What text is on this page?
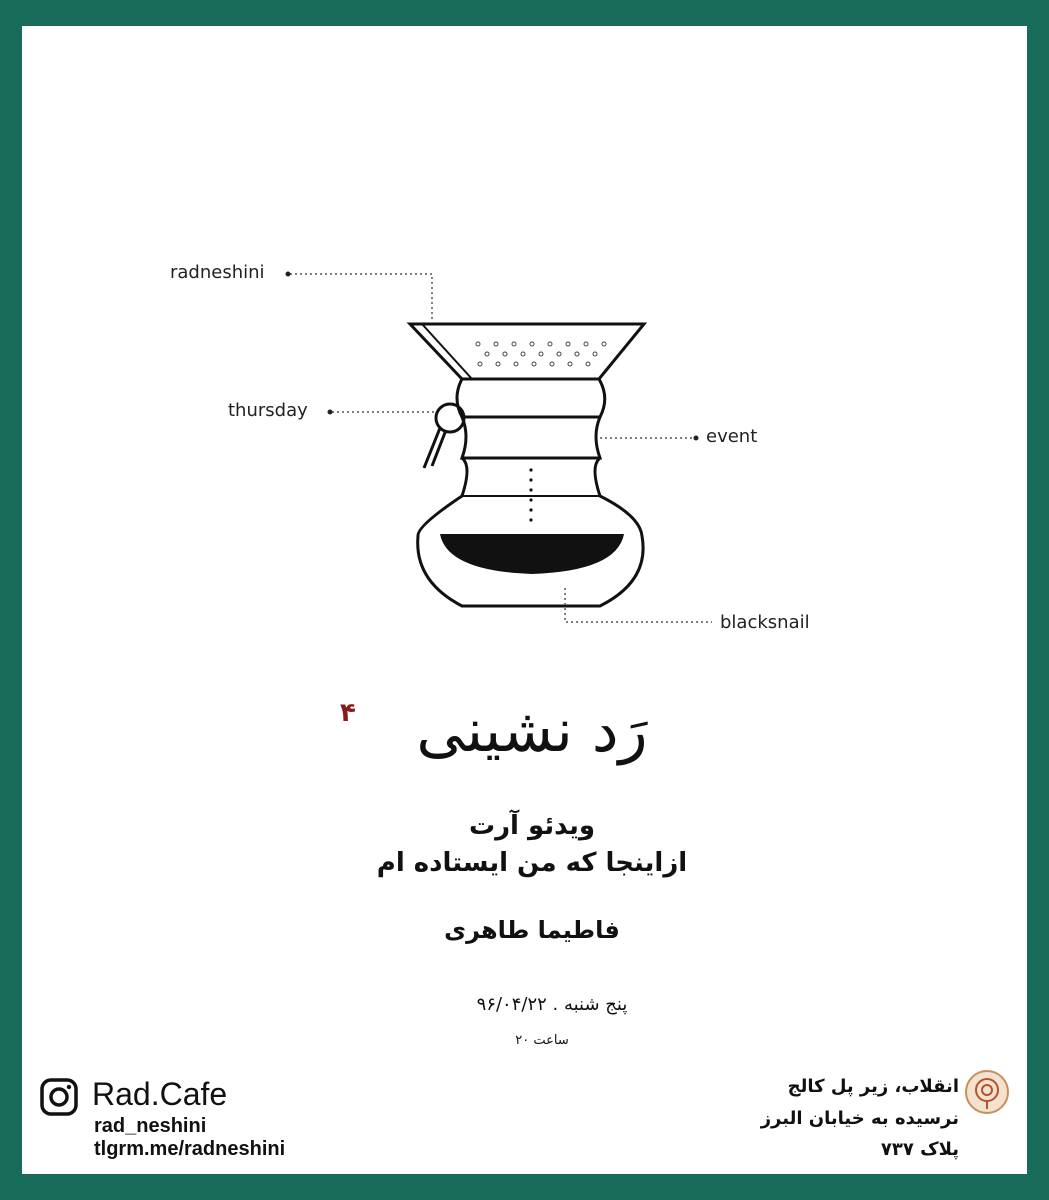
radneshini
thursday
event
blacksnail
رَد نشینی
۴
ویدئو آرت
ازاینجا که من ایستاده ام
فاطیما طاهری
پنج شنبه . ۹۶/۰۴/۲۲
ساعت ۲۰
Rad.Cafe
rad_neshini
tlgrm.me/radneshini
انقلاب، زیر پل کالج
نرسیده به خیابان البرز
پلاک ۷۳۷
